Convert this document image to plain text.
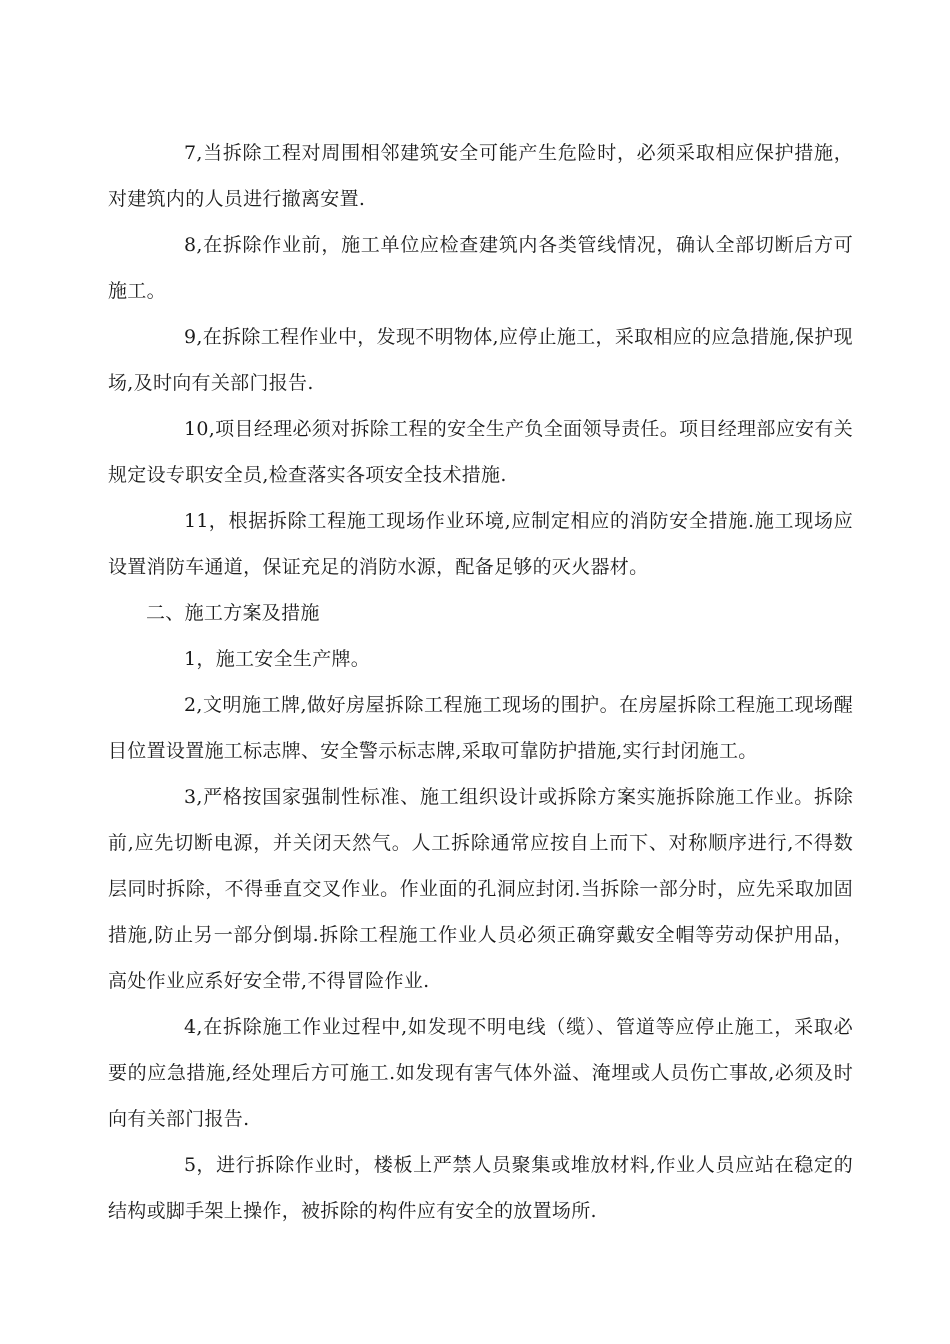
7,当拆除工程对周围相邻建筑安全可能产生危险时，必须采取相应保护措施，对建筑内的人员进行撤离安置.

8,在拆除作业前，施工单位应检查建筑内各类管线情况，确认全部切断后方可施工。

9,在拆除工程作业中，发现不明物体,应停止施工，采取相应的应急措施,保护现场,及时向有关部门报告.

10,项目经理必须对拆除工程的安全生产负全面领导责任。项目经理部应安有关规定设专职安全员,检查落实各项安全技术措施.

11，根据拆除工程施工现场作业环境,应制定相应的消防安全措施.施工现场应设置消防车通道，保证充足的消防水源，配备足够的灭火器材。

二、施工方案及措施

1，施工安全生产牌。

2,文明施工牌,做好房屋拆除工程施工现场的围护。在房屋拆除工程施工现场醒目位置设置施工标志牌、安全警示标志牌,采取可靠防护措施,实行封闭施工。

3,严格按国家强制性标准、施工组织设计或拆除方案实施拆除施工作业。拆除前,应先切断电源，并关闭天然气。人工拆除通常应按自上而下、对称顺序进行,不得数层同时拆除，不得垂直交叉作业。作业面的孔洞应封闭.当拆除一部分时，应先采取加固措施,防止另一部分倒塌.拆除工程施工作业人员必须正确穿戴安全帽等劳动保护用品，高处作业应系好安全带,不得冒险作业.

4,在拆除施工作业过程中,如发现不明电线（缆）、管道等应停止施工，采取必要的应急措施,经处理后方可施工.如发现有害气体外溢、淹埋或人员伤亡事故,必须及时向有关部门报告.

5，进行拆除作业时，楼板上严禁人员聚集或堆放材料,作业人员应站在稳定的结构或脚手架上操作，被拆除的构件应有安全的放置场所.
